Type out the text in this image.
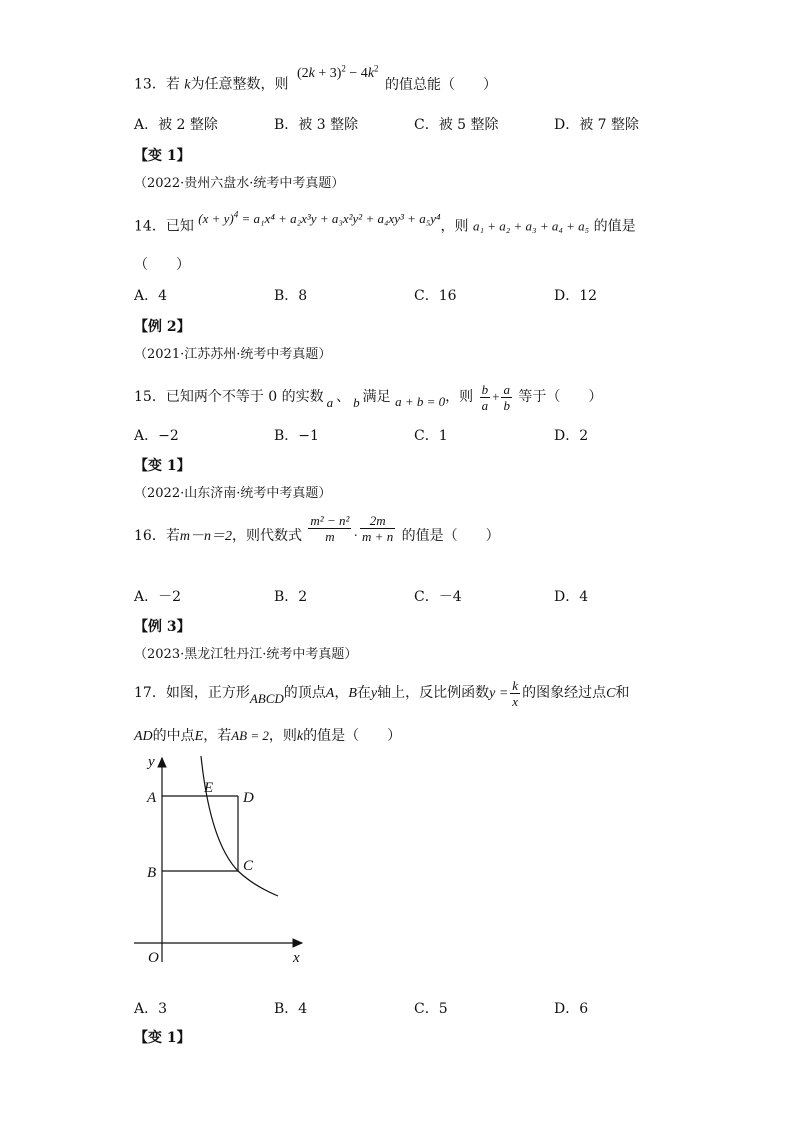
13．若 k为任意整数，则 $(2k + 3)^2 - 4k^2$ 的值总能（　　）
A．被 2 整除	B．被 3 整除	C．被 5 整除	D．被 7 整除
【变 1】
（2022·贵州六盘水·统考中考真题）
14．已知 $(x + y)^4 = a_1x^4 + a_2x^3y + a_3x^2y^2 + a_4xy^3 + a_5y^4$，则 a₁ + a₂ + a₃ + a₄ + a₅ 的值是
（　　）
A．4	B．8	C．16	D．12
【例 2】
（2021·江苏苏州·统考中考真题）
15．已知两个不等于 0 的实数 a 、 b 满足 a + b = 0，则 $\frac{b}{a} + \frac{a}{b}$ 等于（　　）
A．−2	B．−1	C．1	D．2
【变 1】
（2022·山东济南·统考中考真题）
16．若m－n＝2，则代数式 $\frac{\text{m² − n²}}{m} \cdot \frac{2m}{m + n}$ 的值是（　　）
A．－2	B．2	C．－4	D．4
【例 3】
（2023·黑龙江牡丹江·统考中考真题）
17．如图，正方形ABCD的顶点A，B在y轴上，反比例函数$y = \frac{k}{x}$ 的图象经过点C和
AD的中点E，若AB = 2，则k的值是（　　）
y
x
O
A
B	C
D
E
A．3	B．4	C．5	D．6
【变 1】
